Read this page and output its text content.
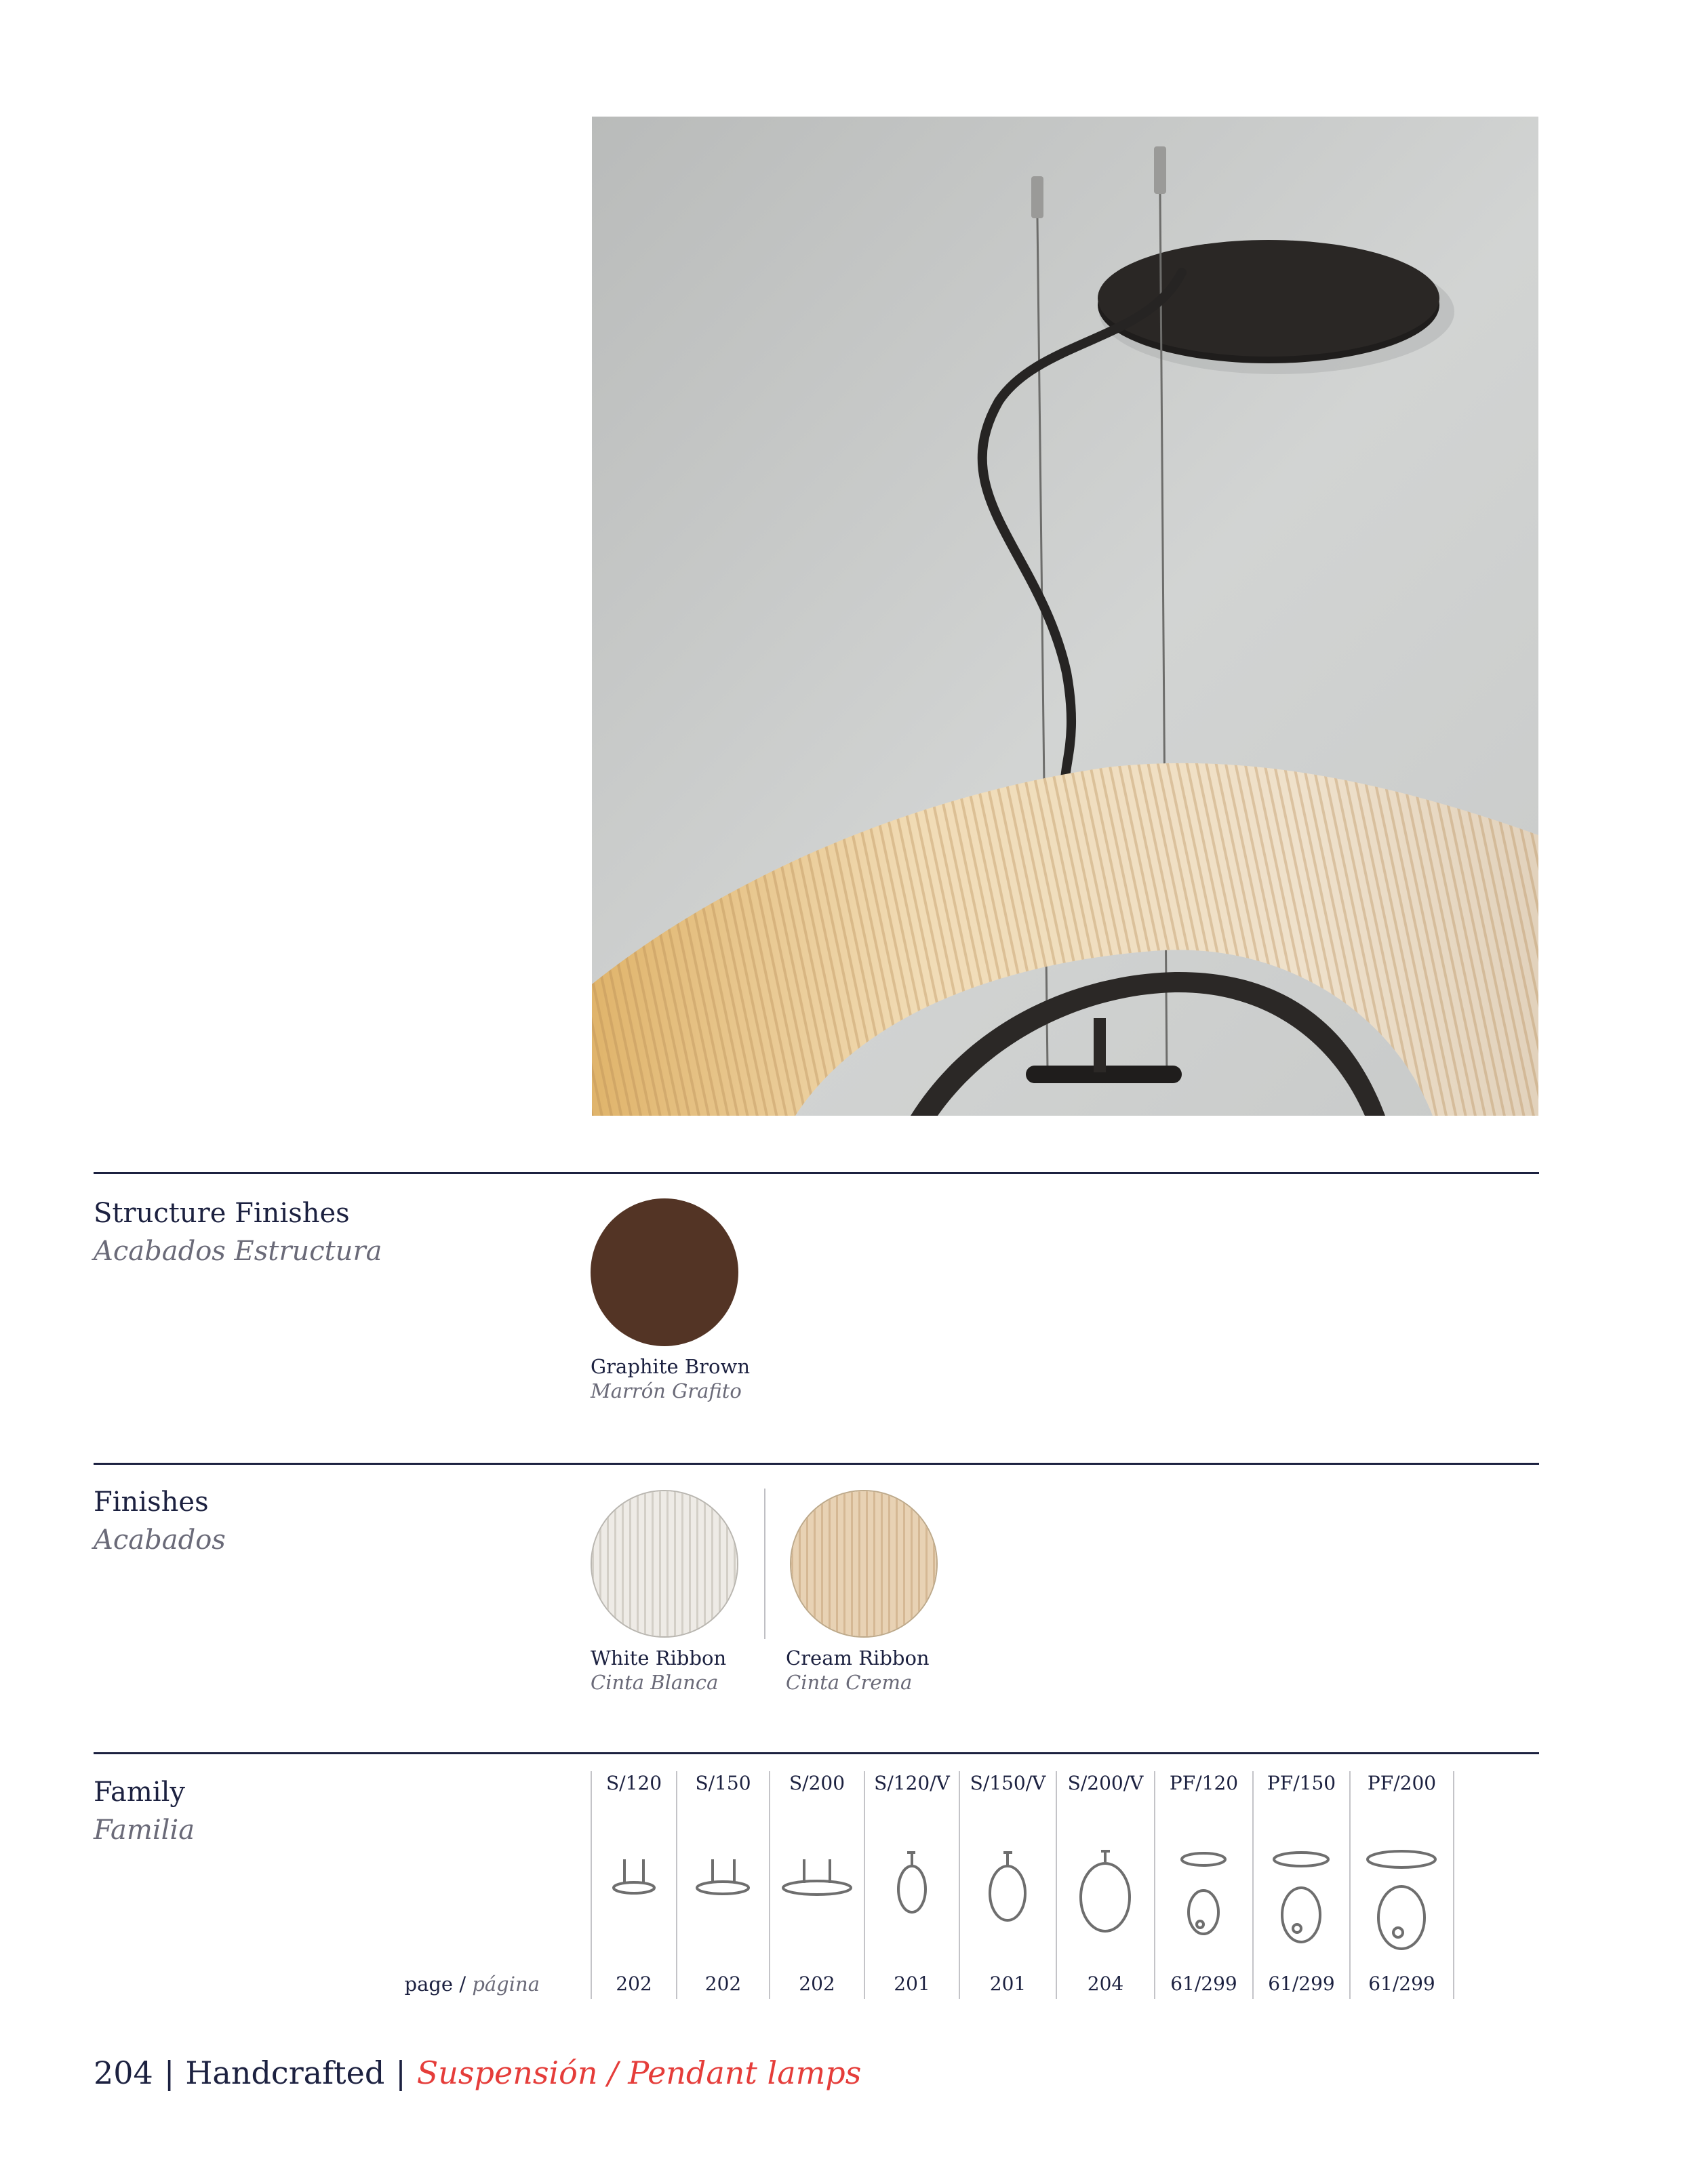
Structure Finishes
Acabados Estructura
Graphite Brown
Marrón Grafito
Finishes
Acabados
White Ribbon
Cinta Blanca
Cream Ribbon
Cinta Crema
Family
Familia
page / página
S/120
202
S/150
202
S/200
202
S/120/V
201
S/150/V
201
S/200/V
204
PF/120
61/299
PF/150
61/299
PF/200
61/299
204 | Handcrafted | Suspensión / Pendant lamps
